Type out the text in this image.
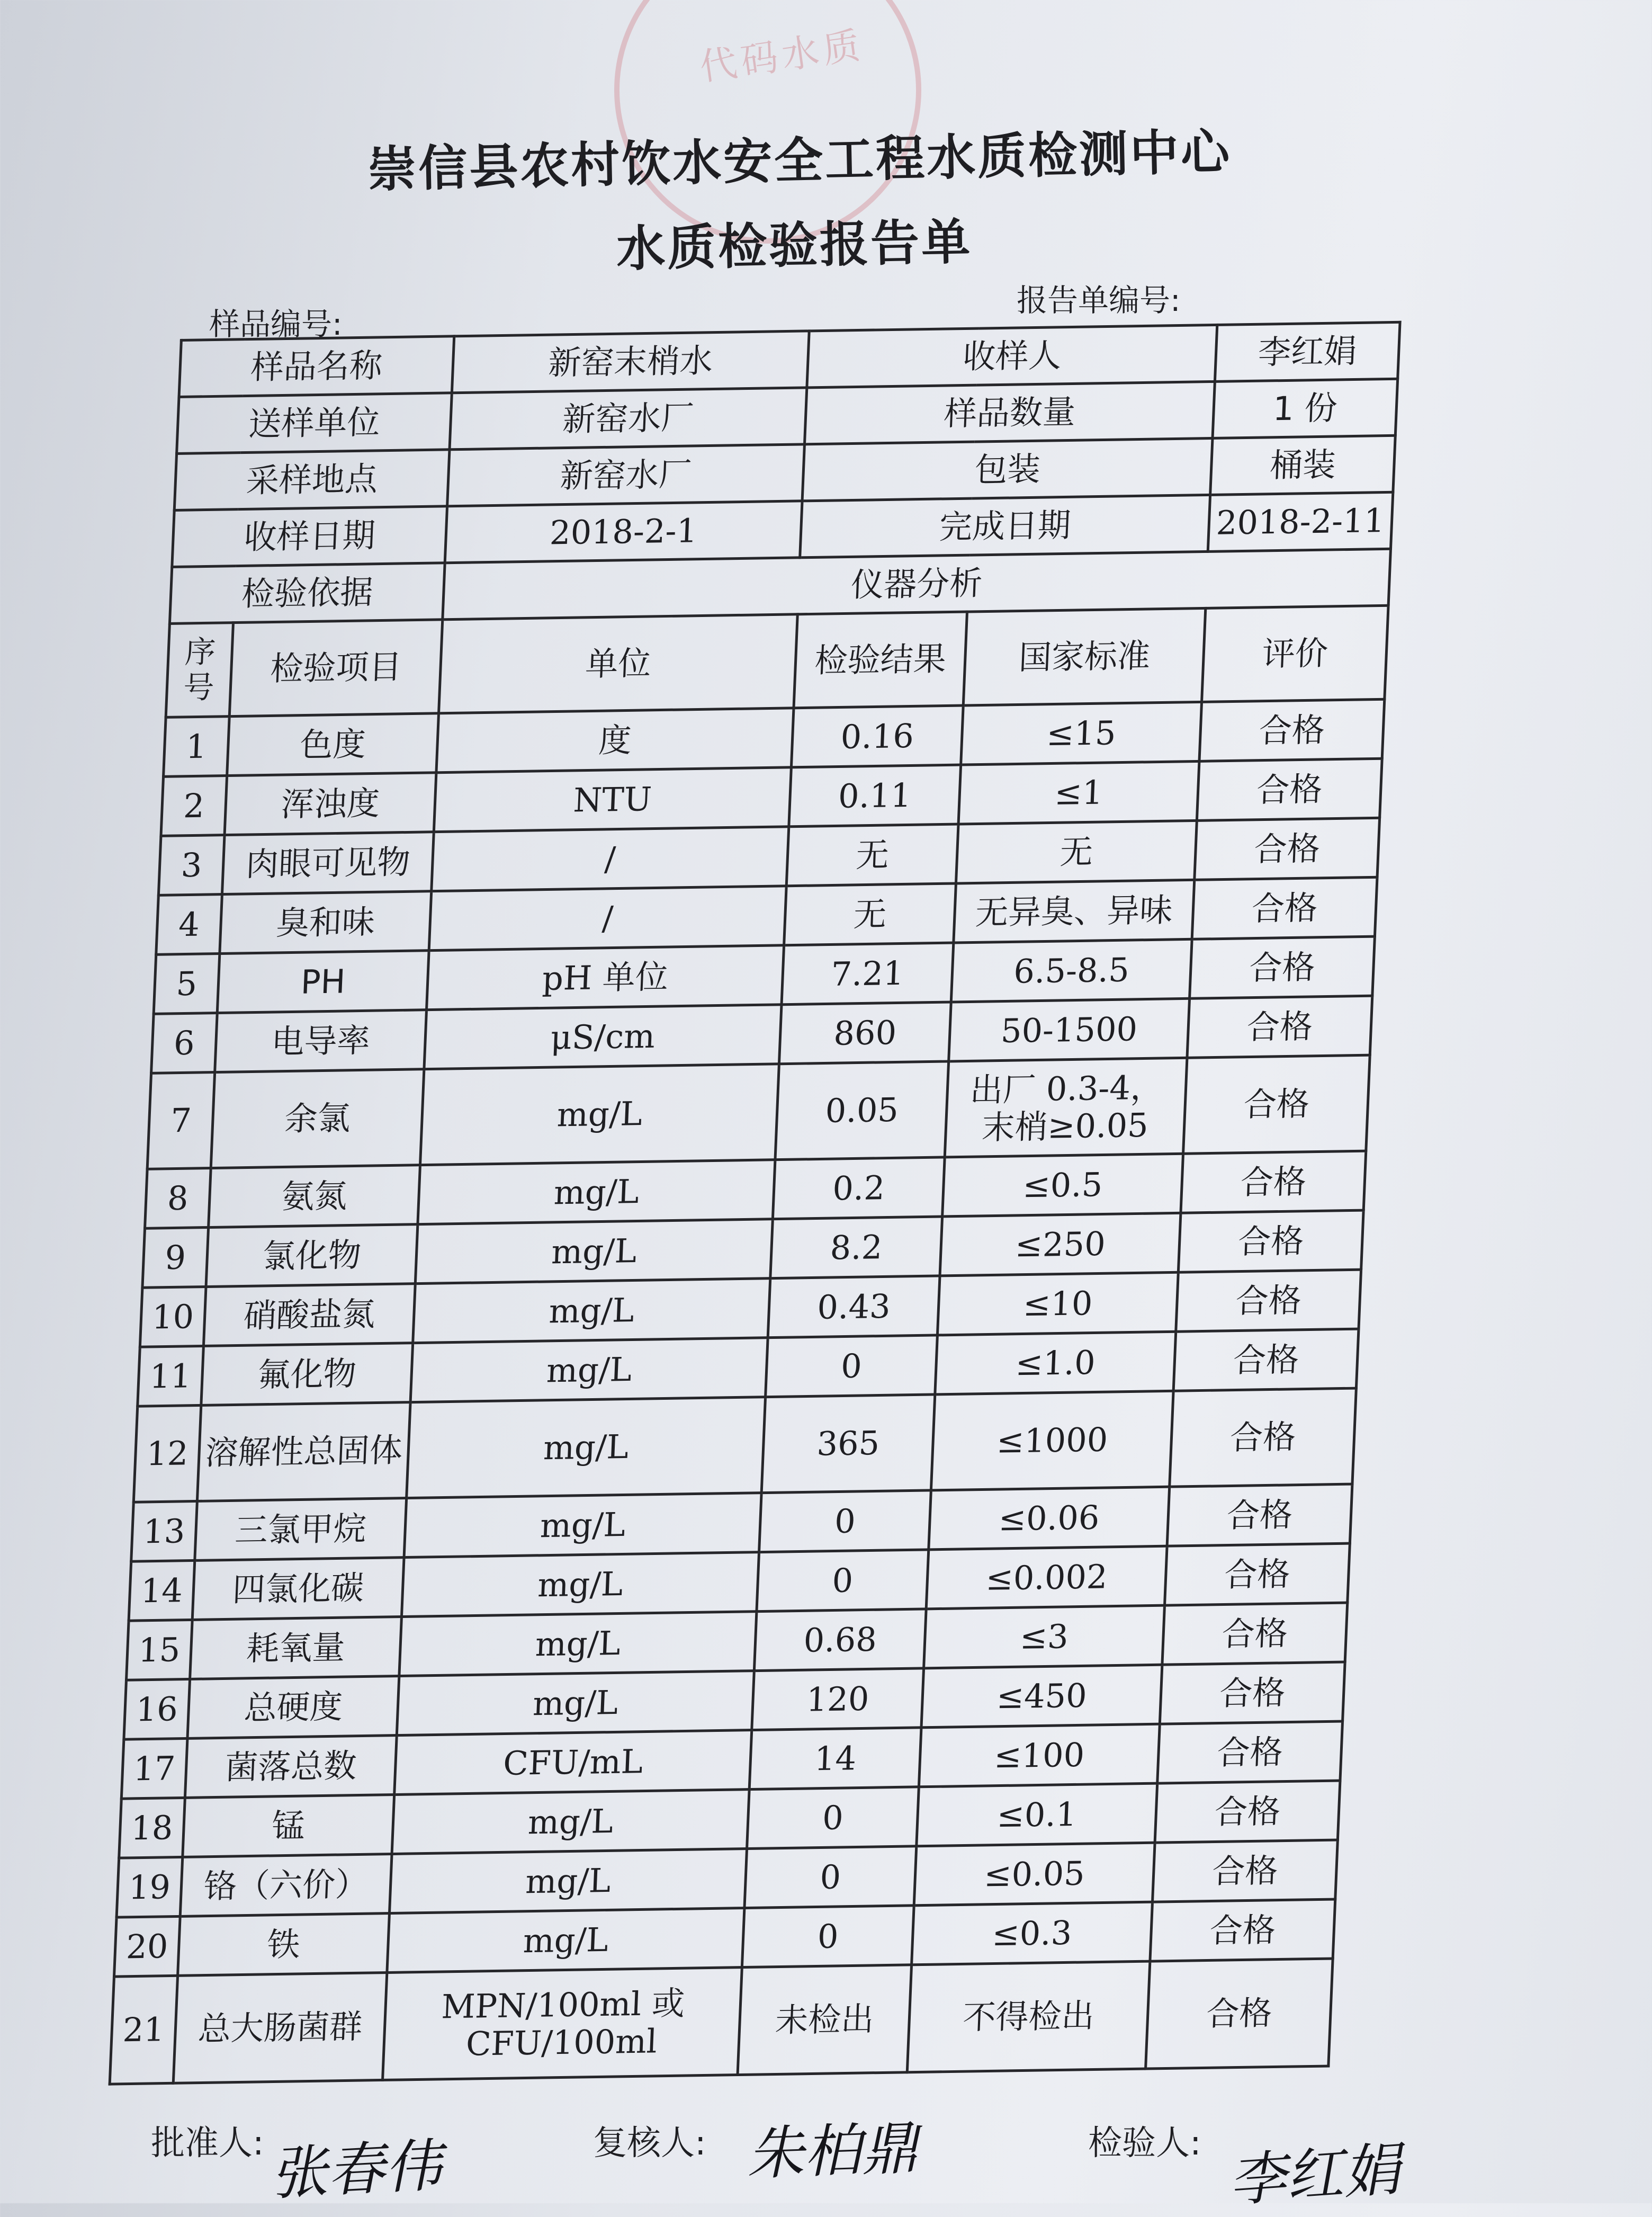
代码水质
崇信县农村饮水安全工程水质检测中心
水质检验报告单
样品编号:
报告单编号:
样品名称		新窑末梢水	收样人		李红娟
送样单位		新窑水厂	样品数量		1 份
采样地点		新窑水厂	包装		桶装
收样日期		2018-2-1	完成日期		2018-2-11
检验依据		仪器分析			
序号	检验项目	单位	检验结果	国家标准	评价
1	色度	度	0.16	≤15	合格
2	浑浊度	NTU	0.11	≤1	合格
3	肉眼可见物	/	无	无	合格
4	臭和味	/	无	无异臭、异味	合格
5	PH	pH 单位	7.21	6.5-8.5	合格
6	电导率	μS/cm	860	50-1500	合格
7	余氯	mg/L	0.05	出厂 0.3-4，
末梢≥0.05	合格
8	氨氮	mg/L	0.2	≤0.5	合格
9	氯化物	mg/L	8.2	≤250	合格
10	硝酸盐氮	mg/L	0.43	≤10	合格
11	氟化物	mg/L	0	≤1.0	合格
12	溶解性总固体	mg/L	365	≤1000	合格
13	三氯甲烷	mg/L	0	≤0.06	合格
14	四氯化碳	mg/L	0	≤0.002	合格
15	耗氧量	mg/L	0.68	≤3	合格
16	总硬度	mg/L	120	≤450	合格
17	菌落总数	CFU/mL	14	≤100	合格
18	锰	mg/L	0	≤0.1	合格
19	铬（六价）	mg/L	0	≤0.05	合格
20	铁	mg/L	0	≤0.3	合格
21	总大肠菌群	MPN/100ml 或
CFU/100ml	未检出	不得检出	合格
批准人: 张春伟	复核人: 朱柏鼎	检验人: 李红娟
